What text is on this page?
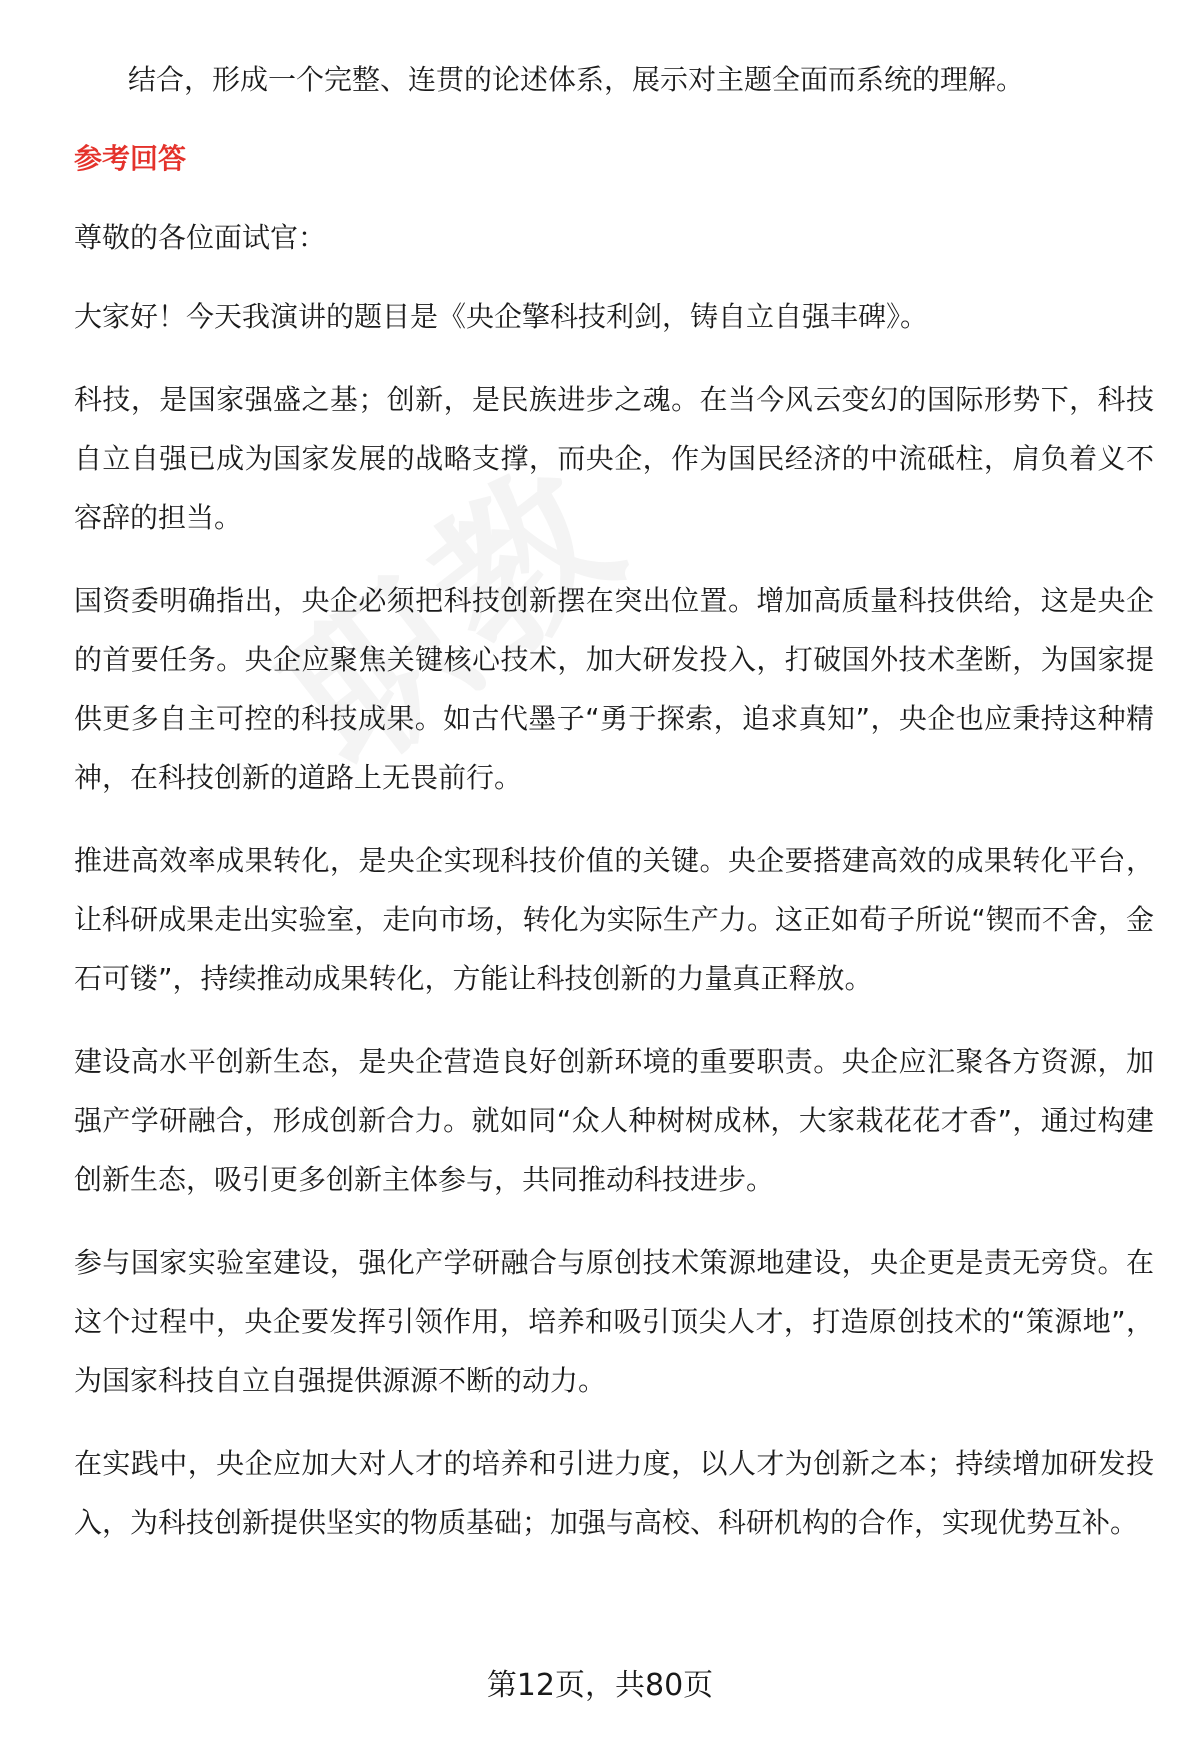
结合，形成一个完整、连贯的论述体系，展示对主题全面而系统的理解。

参考回答

尊敬的各位面试官：

大家好！今天我演讲的题目是《央企擎科技利剑，铸自立自强丰碑》。

科技，是国家强盛之基；创新，是民族进步之魂。在当今风云变幻的国际形势下，科技自立自强已成为国家发展的战略支撑，而央企，作为国民经济的中流砥柱，肩负着义不容辞的担当。

国资委明确指出，央企必须把科技创新摆在突出位置。增加高质量科技供给，这是央企的首要任务。央企应聚焦关键核心技术，加大研发投入，打破国外技术垄断，为国家提供更多自主可控的科技成果。如古代墨子“勇于探索，追求真知”，央企也应秉持这种精神，在科技创新的道路上无畏前行。

推进高效率成果转化，是央企实现科技价值的关键。央企要搭建高效的成果转化平台，让科研成果走出实验室，走向市场，转化为实际生产力。这正如荀子所说“锲而不舍，金石可镂”，持续推动成果转化，方能让科技创新的力量真正释放。

建设高水平创新生态，是央企营造良好创新环境的重要职责。央企应汇聚各方资源，加强产学研融合，形成创新合力。就如同“众人种树树成林，大家栽花花才香”，通过构建创新生态，吸引更多创新主体参与，共同推动科技进步。

参与国家实验室建设，强化产学研融合与原创技术策源地建设，央企更是责无旁贷。在这个过程中，央企要发挥引领作用，培养和吸引顶尖人才，打造原创技术的“策源地”，为国家科技自立自强提供源源不断的动力。

在实践中，央企应加大对人才的培养和引进力度，以人才为创新之本；持续增加研发投入，为科技创新提供坚实的物质基础；加强与高校、科研机构的合作，实现优势互补。

第12页，共80页
